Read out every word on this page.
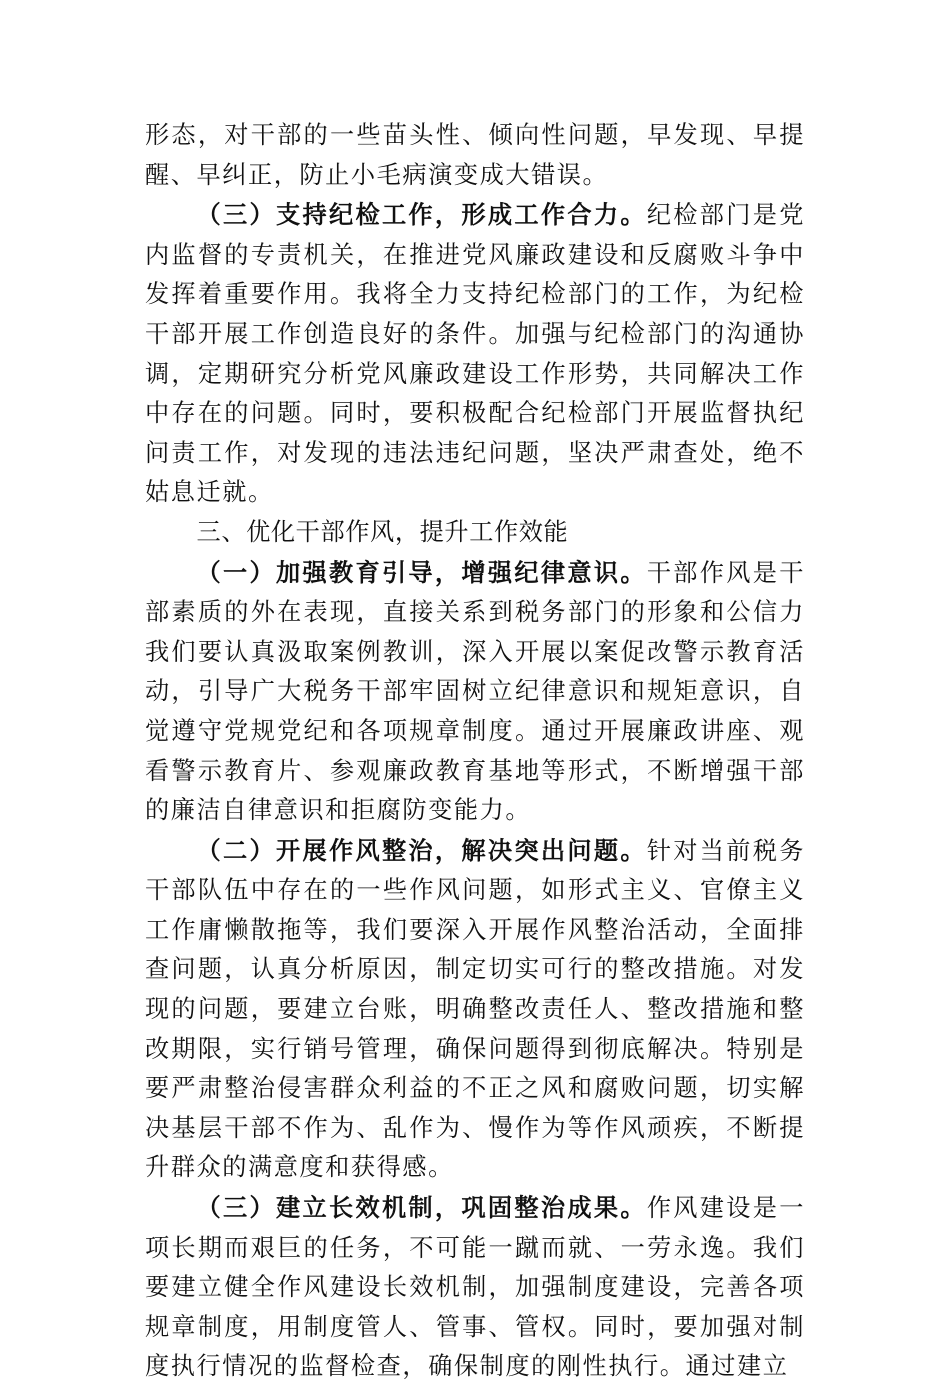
形态，对干部的一些苗头性、倾向性问题，早发现、早提醒、早纠正，防止小毛病演变成大错误。

（三）支持纪检工作，形成工作合力。纪检部门是党内监督的专责机关，在推进党风廉政建设和反腐败斗争中发挥着重要作用。我将全力支持纪检部门的工作，为纪检干部开展工作创造良好的条件。加强与纪检部门的沟通协调，定期研究分析党风廉政建设工作形势，共同解决工作中存在的问题。同时，要积极配合纪检部门开展监督执纪问责工作，对发现的违法违纪问题，坚决严肃查处，绝不姑息迁就。

三、优化干部作风，提升工作效能

（一）加强教育引导，增强纪律意识。干部作风是干部素质的外在表现，直接关系到税务部门的形象和公信力我们要认真汲取案例教训，深入开展以案促改警示教育活动，引导广大税务干部牢固树立纪律意识和规矩意识，自觉遵守党规党纪和各项规章制度。通过开展廉政讲座、观看警示教育片、参观廉政教育基地等形式，不断增强干部的廉洁自律意识和拒腐防变能力。

（二）开展作风整治，解决突出问题。针对当前税务干部队伍中存在的一些作风问题，如形式主义、官僚主义工作庸懒散拖等，我们要深入开展作风整治活动，全面排查问题，认真分析原因，制定切实可行的整改措施。对发现的问题，要建立台账，明确整改责任人、整改措施和整改期限，实行销号管理，确保问题得到彻底解决。特别是要严肃整治侵害群众利益的不正之风和腐败问题，切实解决基层干部不作为、乱作为、慢作为等作风顽疾，不断提升群众的满意度和获得感。

（三）建立长效机制，巩固整治成果。作风建设是一项长期而艰巨的任务，不可能一蹴而就、一劳永逸。我们要建立健全作风建设长效机制，加强制度建设，完善各项规章制度，用制度管人、管事、管权。同时，要加强对制度执行情况的监督检查，确保制度的刚性执行。通过建立
